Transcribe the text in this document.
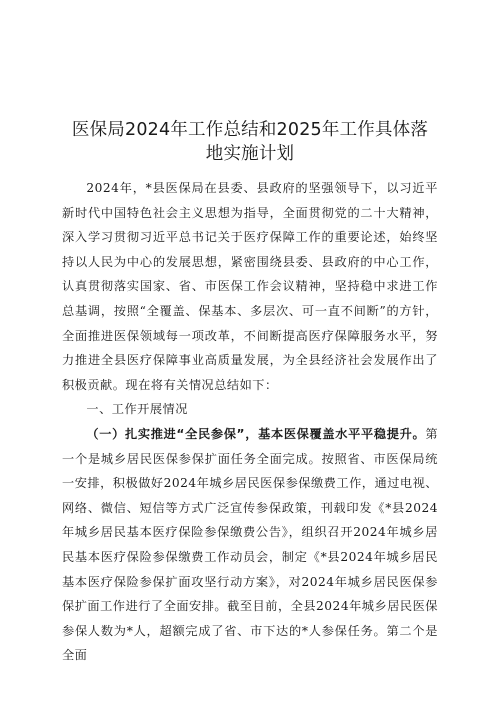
医保局2024年工作总结和2025年工作具体落
地实施计划

2024年，*县医保局在县委、县政府的坚强领导下，以习近平新时代中国特色社会主义思想为指导，全面贯彻党的二十大精神，深入学习贯彻习近平总书记关于医疗保障工作的重要论述，始终坚持以人民为中心的发展思想，紧密围绕县委、县政府的中心工作，认真贯彻落实国家、省、市医保工作会议精神，坚持稳中求进工作总基调，按照“全覆盖、保基本、多层次、可一直不间断”的方针，全面推进医保领域每一项改革，不间断提高医疗保障服务水平，努力推进全县医疗保障事业高质量发展，为全县经济社会发展作出了积极贡献。现在将有关情况总结如下：

一、工作开展情况

（一）扎实推进“全民参保”，基本医保覆盖水平平稳提升。第一个是城乡居民医保参保扩面任务全面完成。按照省、市医保局统一安排，积极做好2024年城乡居民医保参保缴费工作，通过电视、网络、微信、短信等方式广泛宣传参保政策，刊载印发《*县2024年城乡居民基本医疗保险参保缴费公告》，组织召开2024年城乡居民基本医疗保险参保缴费工作动员会，制定《*县2024年城乡居民基本医疗保险参保扩面攻坚行动方案》，对2024年城乡居民医保参保扩面工作进行了全面安排。截至目前，全县2024年城乡居民医保参保人数为*人，超额完成了省、市下达的*人参保任务。第二个是全面
